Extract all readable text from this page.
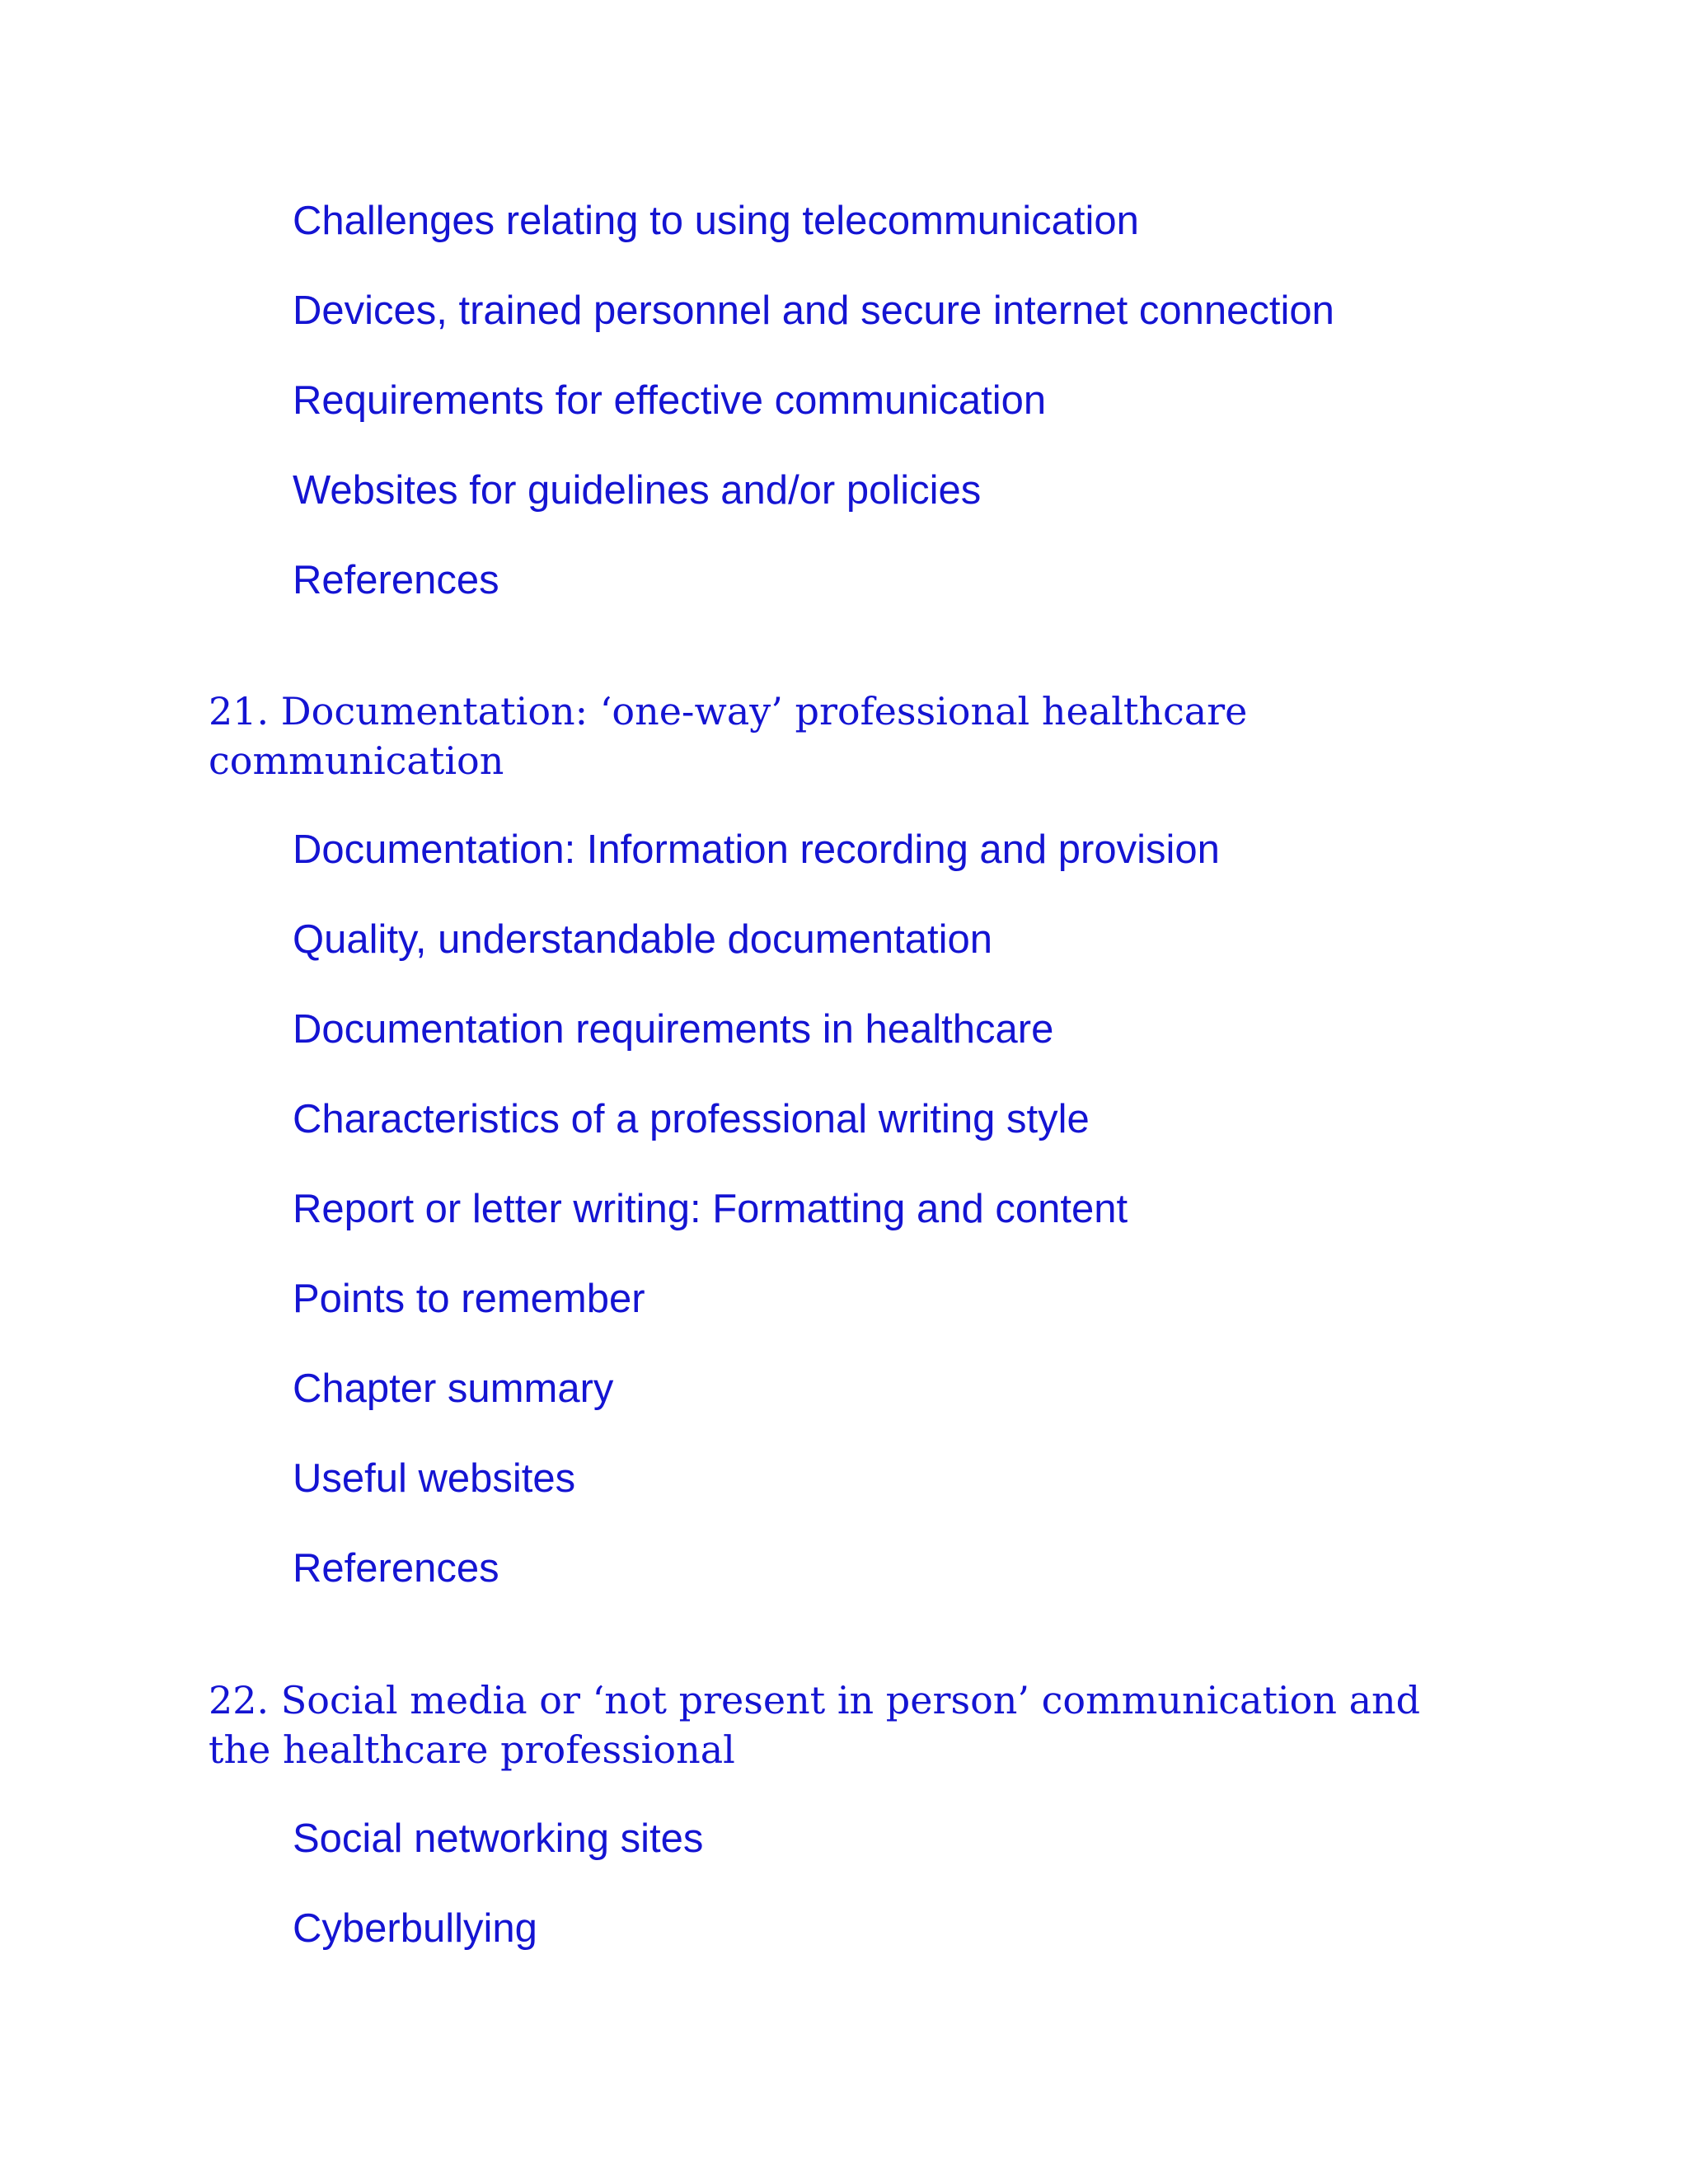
Challenges relating to using telecommunication
Devices, trained personnel and secure internet connection
Requirements for effective communication
Websites for guidelines and/or policies
References
21. Documentation: ‘one-way’ professional healthcare communication
Documentation: Information recording and provision
Quality, understandable documentation
Documentation requirements in healthcare
Characteristics of a professional writing style
Report or letter writing: Formatting and content
Points to remember
Chapter summary
Useful websites
References
22. Social media or ‘not present in person’ communication and the healthcare professional
Social networking sites
Cyberbullying
